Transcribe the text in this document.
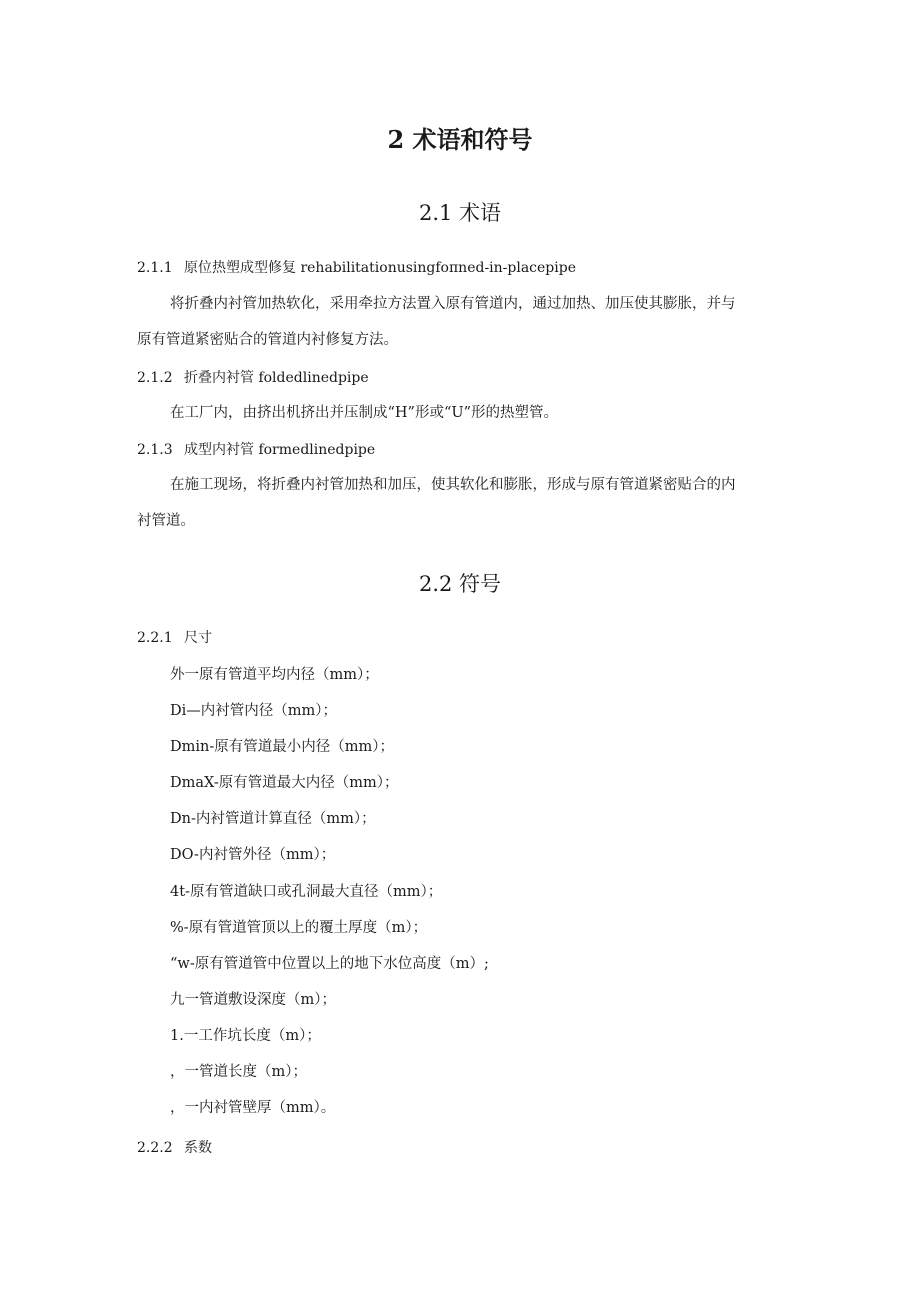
2 术语和符号
2.1 术语
2.1.1 原位热塑成型修复 rehabilitationusingfoπned-in-placepipe
将折叠内衬管加热软化，采用牵拉方法置入原有管道内，通过加热、加压使其膨胀，并与
原有管道紧密贴合的管道内衬修复方法。
2.1.2 折叠内衬管 foldedlinedpipe
在工厂内，由挤出机挤出并压制成“H”形或“U”形的热塑管。
2.1.3 成型内衬管 formedlinedpipe
在施工现场，将折叠内衬管加热和加压，使其软化和膨胀，形成与原有管道紧密贴合的内
衬管道。
2.2 符号
2.2.1 尺寸
外一原有管道平均内径（mm）；
Di—内衬管内径（mm）；
Dmin-原有管道最小内径（mm）；
DmaX-原有管道最大内径（mm）；
Dn-内衬管道计算直径（mm）；
DO-内衬管外径（mm）；
4t-原有管道缺口或孔洞最大直径（mm）；
%-原有管道管顶以上的覆土厚度（m）；
“w-原有管道管中位置以上的地下水位高度（m）;
九一管道敷设深度（m）；
1.一工作坑长度（m）；
，一管道长度（m）；
，一内衬管壁厚（mm）。
2.2.2 系数
